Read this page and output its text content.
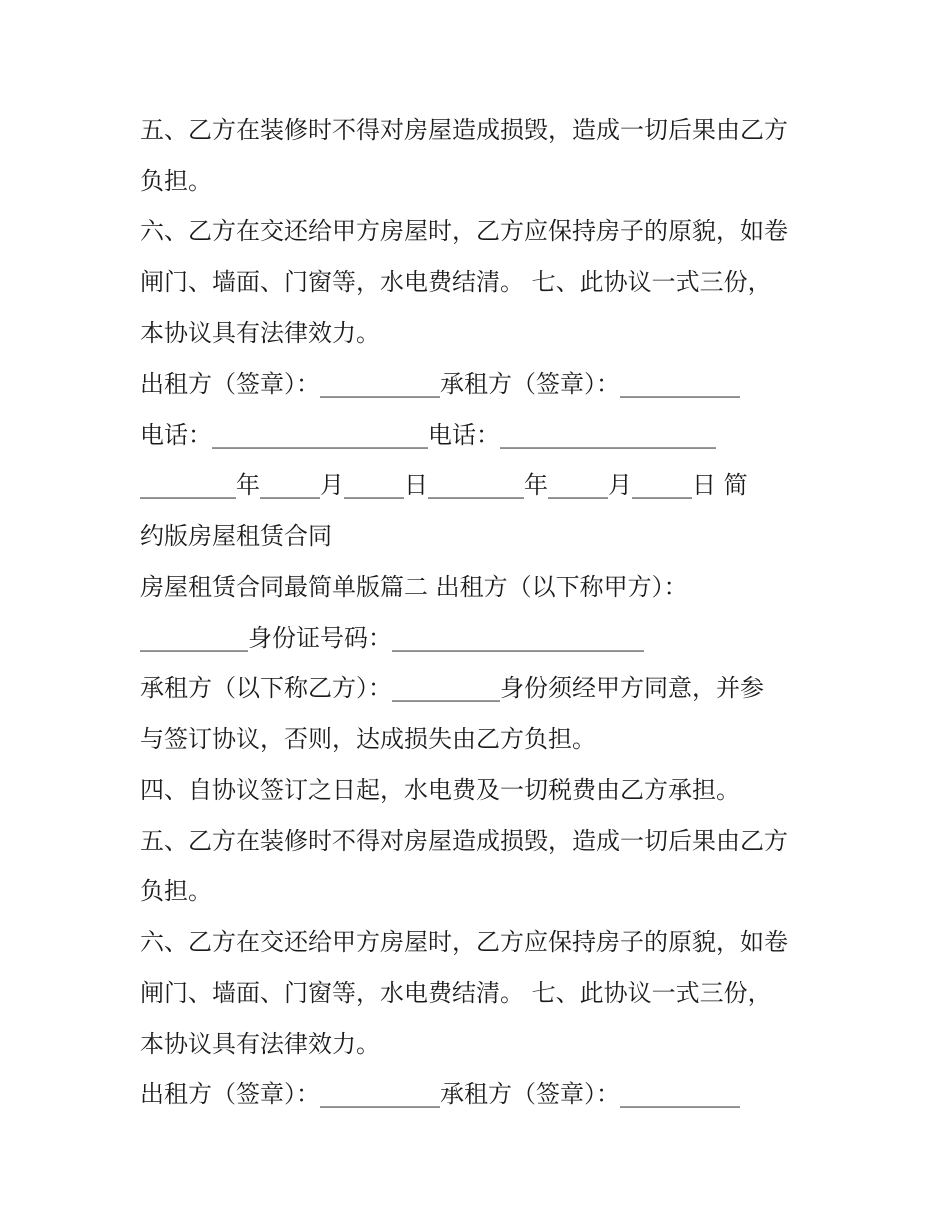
五、乙方在装修时不得对房屋造成损毁，造成一切后果由乙方
负担。
六、乙方在交还给甲方房屋时，乙方应保持房子的原貌，如卷
闸门、墙面、门窗等，水电费结清。 七、此协议一式三份，
本协议具有法律效力。
出租方（签章）：__________承租方（签章）：__________
电话：__________________电话：__________________
________年_____月_____日________年_____月_____日 简
约版房屋租赁合同
房屋租赁合同最简单版篇二 出租方（以下称甲方）：
_________身份证号码：_____________________
承租方（以下称乙方）：_________身份须经甲方同意，并参
与签订协议，否则，达成损失由乙方负担。
四、自协议签订之日起，水电费及一切税费由乙方承担。
五、乙方在装修时不得对房屋造成损毁，造成一切后果由乙方
负担。
六、乙方在交还给甲方房屋时，乙方应保持房子的原貌，如卷
闸门、墙面、门窗等，水电费结清。 七、此协议一式三份，
本协议具有法律效力。
出租方（签章）：__________承租方（签章）：__________
